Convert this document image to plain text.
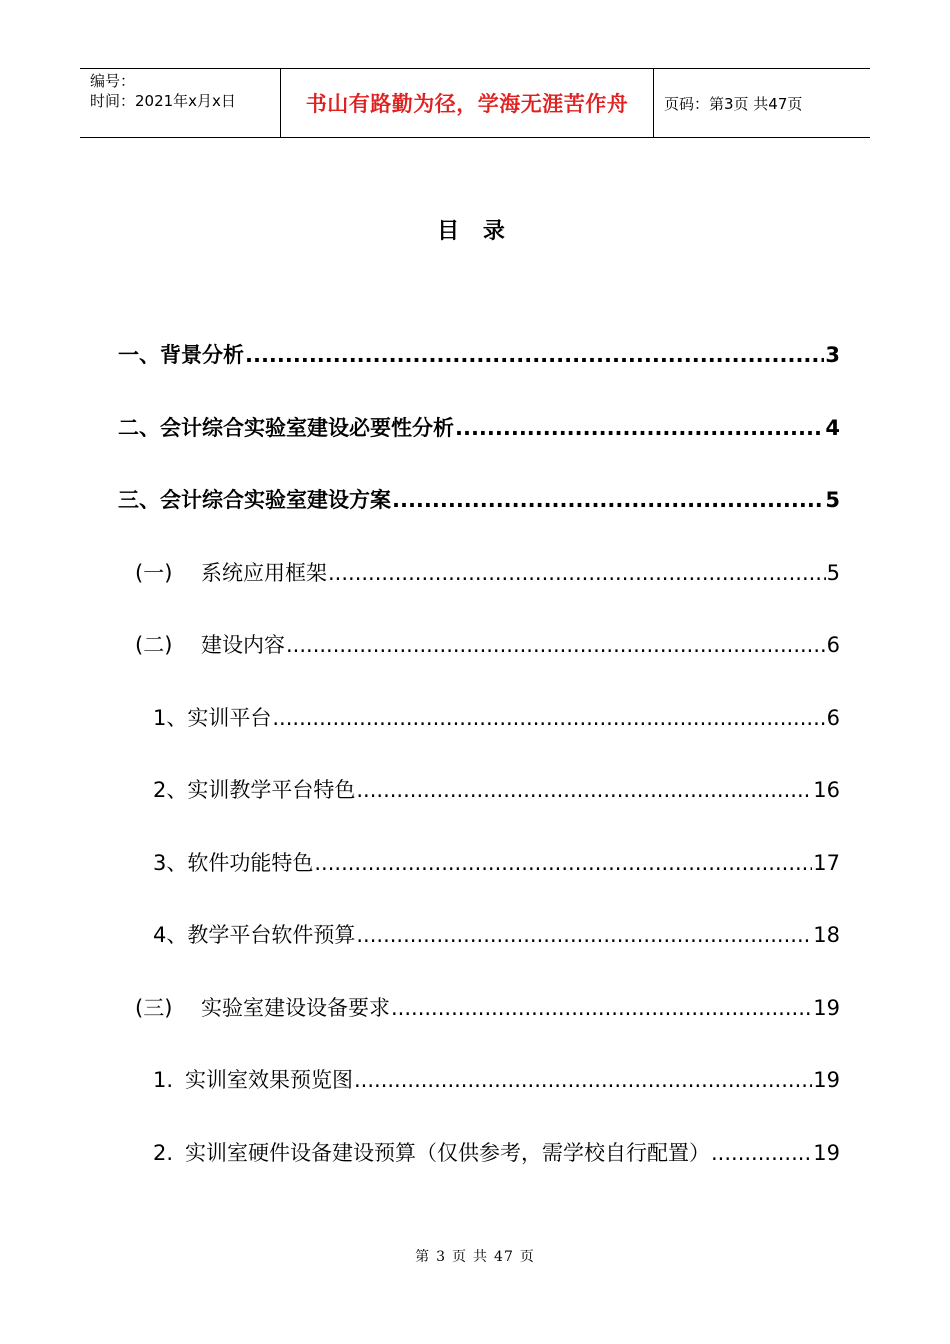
编号：
时间：2021年x月x日	书山有路勤为径，学海无涯苦作舟	页码：第3页 共47页
目 录
一、 背景分析 .....	3
二、 会计综合实验室建设必要性分析 .....	4
三、 会计综合实验室建设方案 .....	5
(一)	系统应用框架 .....	5
(二)	建设内容 .....	6
1、 实训平台 .....	6
2、 实训教学平台特色 .....	16
3、 软件功能特色 .....	17
4、 教学平台软件预算 .....	18
(三)	实验室建设设备要求 .....	19
1. 实训室效果预览图 .....	19
2. 实训室硬件设备建设预算（仅供参考，需学校自行配置） .....	19
第 3 页 共 47 页
